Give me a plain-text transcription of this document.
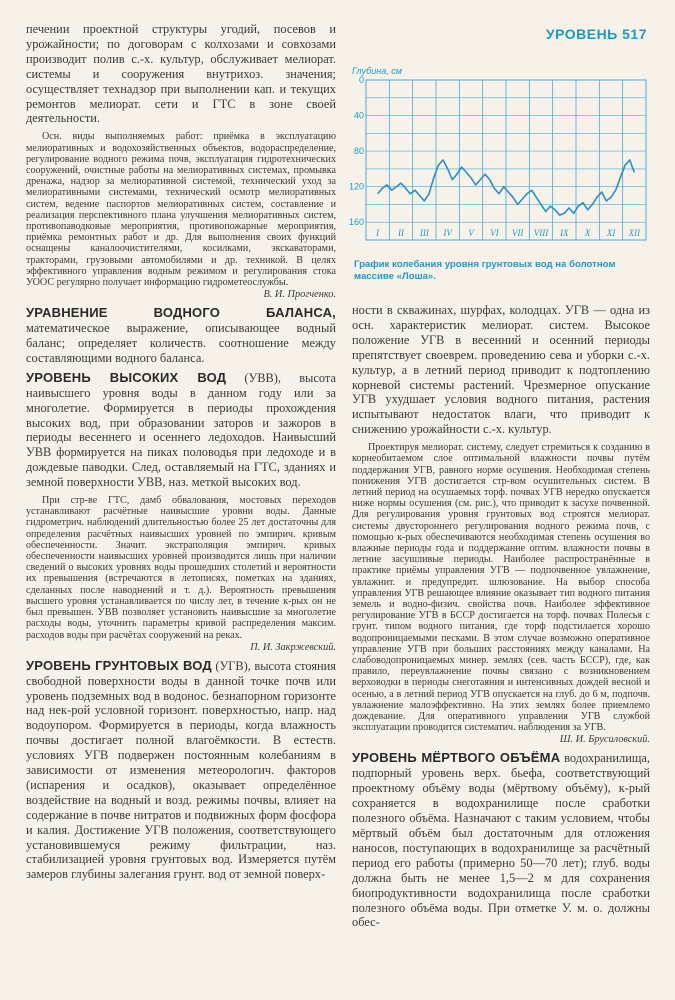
УРОВЕНЬ 517

печении проектной структуры угодий, посевов и урожайности; по договорам с колхозами и совхозами производит полив с.-х. культур, обслуживает мелиорат. системы и сооружения внутрихоз. значения; осуществляет технадзор при выполнении кап. и текущих ремонтов мелиорат. сети и ГТС в зоне своей деятельности.

Осн. виды выполняемых работ: приёмка в эксплуатацию мелиоративных и водохозяйственных объектов, водораспределение, регулирование водного режима почв, эксплуатация гидротехнических сооружений, очистные работы на мелиоративных системах, промывка дренажа, надзор за мелиоративной системой, технический уход за мелиоративными системами, технический осмотр мелиоративных систем, ведение паспортов мелиоративных систем, составление и реализация перспективного плана улучшения мелиоративных систем, противопаводковые мероприятия, противопожарные мероприятия, приёмка ремонтных работ и др. Для выполнения своих функций оснащены каналоочистителями, косилками, экскаваторами, тракторами, грузовыми автомобилями и др. техникой. В целях эффективного управления водным режимом и регулирования стока УООС регулярно получает информацию гидрометеослужбы.

В. И. Прогченко.

УРАВНЕНИЕ ВОДНОГО БАЛАНСА, математическое выражение, описывающее водный баланс; определяет количеств. соотношение между составляющими водного баланса.

УРОВЕНЬ ВЫСОКИХ ВОД (УВВ), высота наивысшего уровня воды в данном году или за многолетие. Формируется в периоды прохождения высоких вод, при образовании заторов и зажоров в периоды весеннего и осеннего ледоходов. Наивысший УВВ формируется на пиках половодья при ледоходе и в дождевые паводки. След, оставляемый на ГТС, зданиях и земной поверхности УВВ, наз. меткой высоких вод.

При стр-ве ГТС, дамб обвалования, мостовых переходов устанавливают расчётные наивысшие уровни воды. Данные гидрометрич. наблюдений длительностью более 25 лет достаточны для определения расчётных наивысших уровней по эмпирич. кривым обеспеченности. Значит. экстраполяция эмпирич. кривых обеспеченности наивысших уровней производится лишь при наличии сведений о высоких уровнях воды прошедших столетий и вероятности их превышения (встречаются в летописях, пометках на зданиях, сделанных после наводнений и т. д.). Вероятность превышения высшего уровня устанавливается по числу лет, в течение к-рых он не был превышен. УВВ позволяет установить наивысшие за многолетие расходы воды, уточнить параметры кривой распределения максим. расходов воды при расчётах сооружений на реках.

П. И. Закржевский.

УРОВЕНЬ ГРУНТОВЫХ ВОД (УГВ), высота стояния свободной поверхности воды в данной точке почв или уровень подземных вод в водонос. безнапорном горизонте над нек-рой условной горизонт. поверхностью, напр. над водоупором. Формируется в периоды, когда влажность почвы достигает полной влагоёмкости. В естеств. условиях УГВ подвержен постоянным колебаниям в зависимости от изменения метеорологич. факторов (испарения и осадков), оказывает определённое воздействие на водный и возд. режимы почвы, влияет на содержание в почве нитратов и подвижных форм фосфора и калия. Достижение УГВ положения, соответствующего установившемуся режиму фильтрации, наз. стабилизацией уровня грунтовых вод. Измеряется путём замеров глубины залегания грунт. вод от земной поверх-

Глубина, см
0
40
80
120
160
I II III IV V VI VII VIII IX X XI XII
График колебания уровня грунтовых вод на болотном массиве «Лоша».

ности в скважинах, шурфах, колодцах. УГВ — одна из осн. характеристик мелиорат. систем. Высокое положение УГВ в весенний и осенний периоды препятствует своеврем. проведению сева и уборки с.-х. культур, а в летний период приводит к подтоплению корневой системы растений. Чрезмерное опускание УГВ ухудшает условия водного питания, растения испытывают недостаток влаги, что приводит к снижению урожайности с.-х. культур.

Проектируя мелиорат. систему, следует стремиться к созданию в корнеобитаемом слое оптимальной влажности почвы путём поддержания УГВ, равного норме осушения. Необходимая степень понижения УГВ достигается стр-вом осушительных систем. В летний период на осушаемых торф. почвах УГВ нередко опускается ниже нормы осушения (см. рис.), что приводит к засухе почвенной. Для регулирования уровня грунтовых вод строятся мелиорат. системы двустороннего регулирования водного режима почв, с помощью к-рых обеспечиваются необходимая степень осушения во влажные периоды года и поддержание оптим. влажности почвы в летние засушливые периоды. Наиболее распространённые в практике приёмы управления УГВ — подпочвенное увлажнение, увлажнит. и предупредит. шлюзование. На выбор способа управления УГВ решающее влияние оказывает тип водного питания земель и водно-физич. свойства почв. Наиболее эффективное регулирование УГВ в БССР достигается на торф. почвах Полесья с грунт. типом водного питания, где торф подстилается хорошо водопроницаемыми песками. В этом случае возможно оперативное управление УГВ при больших расстояниях между каналами. На слабоводопроницаемых минер. землях (сев. часть БССР), где, как правило, переувлажнение почвы связано с возникновением верховодки в периоды снеготаяния и интенсивных дождей весной и осенью, а в летний период УГВ опускается на глуб. до 6 м, подпочв. увлажнение малоэффективно. На этих землях более приемлемо дождевание. Для оперативного управления УГВ службой эксплуатации проводится систематич. наблюдения за УГВ.

Ш. И. Брусиловский.

УРОВЕНЬ МЁРТВОГО ОБЪЁМА водохранилища, подпорный уровень верх. бьефа, соответствующий проектному объёму воды (мёртвому объёму), к-рый сохраняется в водохранилище после сработки полезного объёма. Назначают с таким условием, чтобы мёртвый объём был достаточным для отложения наносов, поступающих в водохранилище за расчётный период его работы (примерно 50—70 лет); глуб. воды должна быть не менее 1,5—2 м для сохранения биопродуктивности водохранилища после сработки полезного объёма воды. При отметке У. м. о. должны обес-
